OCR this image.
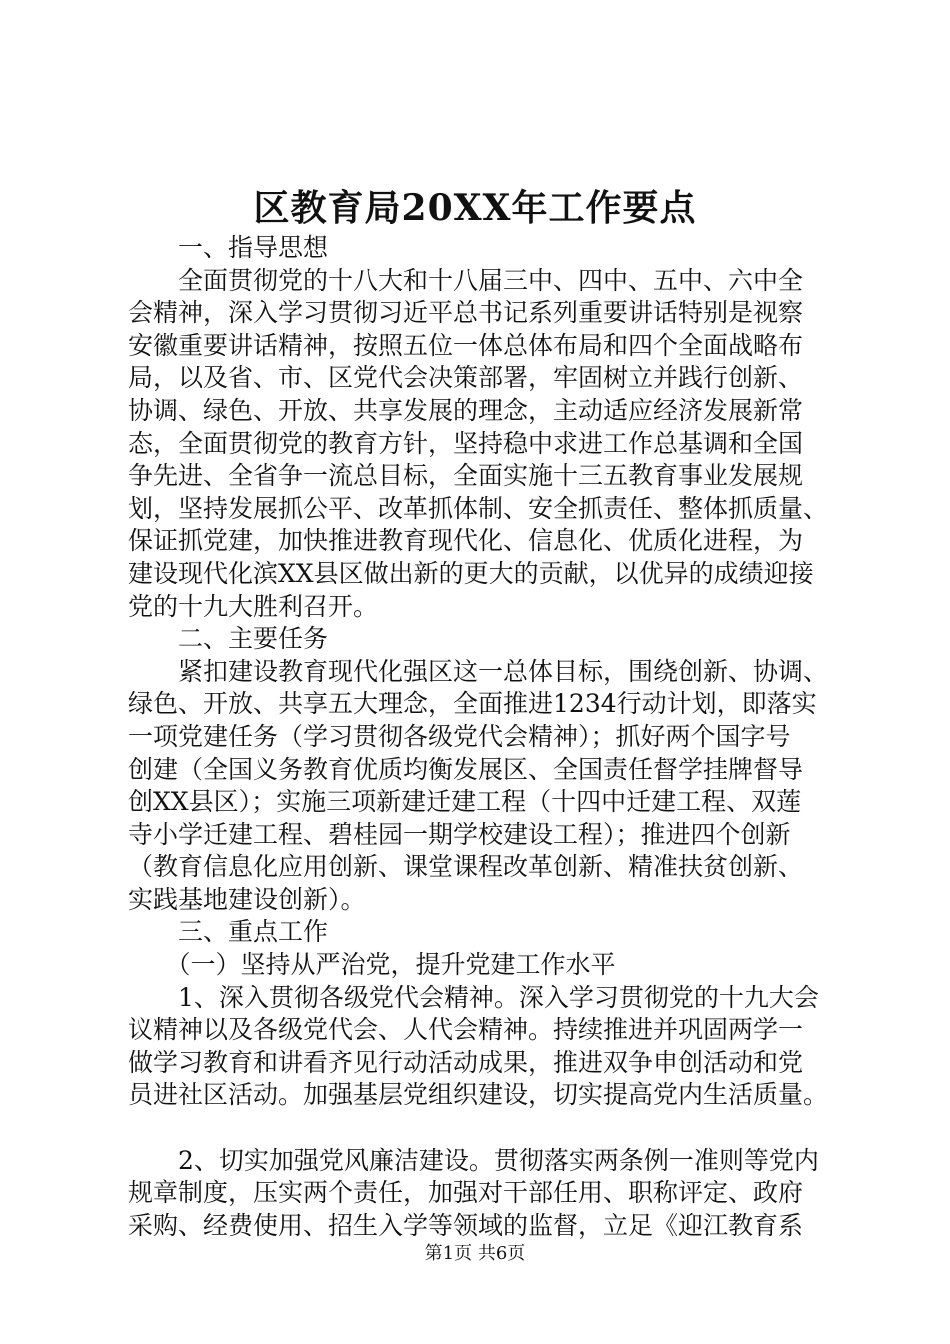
区教育局20XX年工作要点
　　一、指导思想
　　全面贯彻党的十八大和十八届三中、四中、五中、六中全
会精神，深入学习贯彻习近平总书记系列重要讲话特别是视察
安徽重要讲话精神，按照五位一体总体布局和四个全面战略布
局，以及省、市、区党代会决策部署，牢固树立并践行创新、
协调、绿色、开放、共享发展的理念，主动适应经济发展新常
态，全面贯彻党的教育方针，坚持稳中求进工作总基调和全国
争先进、全省争一流总目标，全面实施十三五教育事业发展规
划，坚持发展抓公平、改革抓体制、安全抓责任、整体抓质量、
保证抓党建，加快推进教育现代化、信息化、优质化进程，为
建设现代化滨XX县区做出新的更大的贡献，以优异的成绩迎接
党的十九大胜利召开。
　　二、主要任务
　　紧扣建设教育现代化强区这一总体目标，围绕创新、协调、
绿色、开放、共享五大理念，全面推进1234行动计划，即落实
一项党建任务（学习贯彻各级党代会精神）；抓好两个国字号
创建（全国义务教育优质均衡发展区、全国责任督学挂牌督导
创XX县区）；实施三项新建迁建工程（十四中迁建工程、双莲
寺小学迁建工程、碧桂园一期学校建设工程）；推进四个创新
（教育信息化应用创新、课堂课程改革创新、精准扶贫创新、
实践基地建设创新）。
　　三、重点工作
　　（一）坚持从严治党，提升党建工作水平
　　1、深入贯彻各级党代会精神。深入学习贯彻党的十九大会
议精神以及各级党代会、人代会精神。持续推进并巩固两学一
做学习教育和讲看齐见行动活动成果，推进双争申创活动和党
员进社区活动。加强基层党组织建设，切实提高党内生活质量。
　　2、切实加强党风廉洁建设。贯彻落实两条例一准则等党内
规章制度，压实两个责任，加强对干部任用、职称评定、政府
采购、经费使用、招生入学等领域的监督，立足《迎江教育系
第1页 共6页
